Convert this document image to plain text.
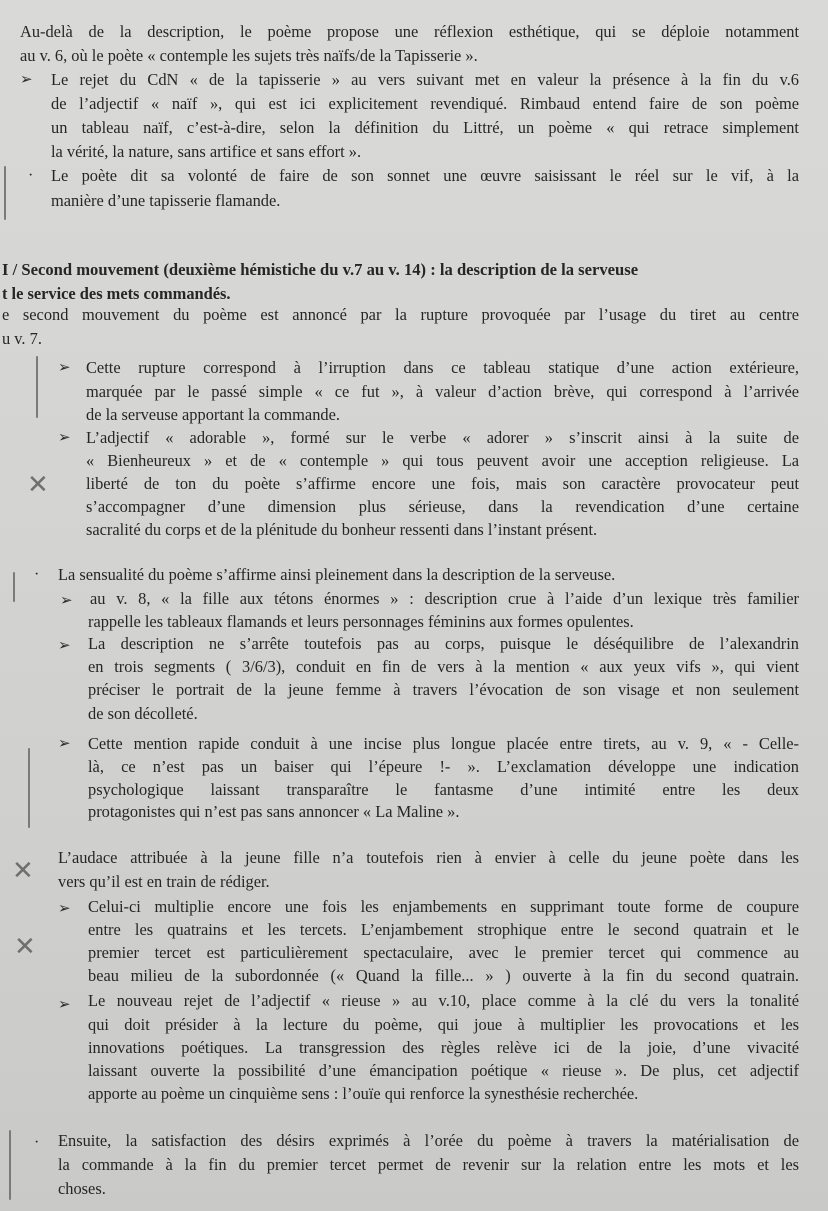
Au-delà de la description, le poème propose une réflexion esthétique, qui se déploie notamment
au v. 6, où le poète « contemple les sujets très naïfs/de la Tapisserie ».
➢ Le rejet du CdN « de la tapisserie » au vers suivant met en valeur la présence à la fin du v.6
de l’adjectif « naïf », qui est ici explicitement revendiqué. Rimbaud entend faire de son poème
un tableau naïf, c’est-à-dire, selon la définition du Littré, un poème « qui retrace simplement
la vérité, la nature, sans artifice et sans effort ».
· Le poète dit sa volonté de faire de son sonnet une œuvre saisissant le réel sur le vif, à la
manière d’une tapisserie flamande.
I / Second mouvement (deuxième hémistiche du v.7 au v. 14) : la description de la serveuse
t le service des mets commandés.
e second mouvement du poème est annoncé par la rupture provoquée par l’usage du tiret au centre
u v. 7.
➢ Cette rupture correspond à l’irruption dans ce tableau statique d’une action extérieure,
marquée par le passé simple « ce fut », à valeur d’action brève, qui correspond à l’arrivée
de la serveuse apportant la commande.
➢ L’adjectif « adorable », formé sur le verbe « adorer » s’inscrit ainsi à la suite de
« Bienheureux » et de « contemple » qui tous peuvent avoir une acception religieuse. La
✕ liberté de ton du poète s’affirme encore une fois, mais son caractère provocateur peut
s’accompagner d’une dimension plus sérieuse, dans la revendication d’une certaine
sacralité du corps et de la plénitude du bonheur ressenti dans l’instant présent.
· La sensualité du poème s’affirme ainsi pleinement dans la description de la serveuse.
➢ au v. 8, « la fille aux tétons énormes » : description crue à l’aide d’un lexique très familier
rappelle les tableaux flamands et leurs personnages féminins aux formes opulentes.
➢ La description ne s’arrête toutefois pas au corps, puisque le déséquilibre de l’alexandrin
en trois segments ( 3/6/3), conduit en fin de vers à la mention « aux yeux vifs », qui vient
préciser le portrait de la jeune femme à travers l’évocation de son visage et non seulement
de son décolleté.
➢ Cette mention rapide conduit à une incise plus longue placée entre tirets, au v. 9, « - Celle-
là, ce n’est pas un baiser qui l’épeure !- ». L’exclamation développe une indication
psychologique laissant transparaître le fantasme d’une intimité entre les deux
protagonistes qui n’est pas sans annoncer « La Maline ».
✕ L’audace attribuée à la jeune fille n’a toutefois rien à envier à celle du jeune poète dans les
vers qu’il est en train de rédiger.
➢ Celui-ci multiplie encore une fois les enjambements en supprimant toute forme de coupure
entre les quatrains et les tercets. L’enjambement strophique entre le second quatrain et le
✕	premier tercet est particulièrement spectaculaire, avec le premier tercet qui commence au
beau milieu de la subordonnée (« Quand la fille... » ) ouverte à la fin du second quatrain.
➢ Le nouveau rejet de l’adjectif « rieuse » au v.10, place comme à la clé du vers la tonalité
qui doit présider à la lecture du poème, qui joue à multiplier les provocations et les
innovations poétiques. La transgression des règles relève ici de la joie, d’une vivacité
laissant ouverte la possibilité d’une émancipation poétique « rieuse ». De plus, cet adjectif
apporte au poème un cinquième sens : l’ouïe qui renforce la synesthésie recherchée.
· Ensuite, la satisfaction des désirs exprimés à l’orée du poème à travers la matérialisation de
la commande à la fin du premier tercet permet de revenir sur la relation entre les mots et les
choses.
